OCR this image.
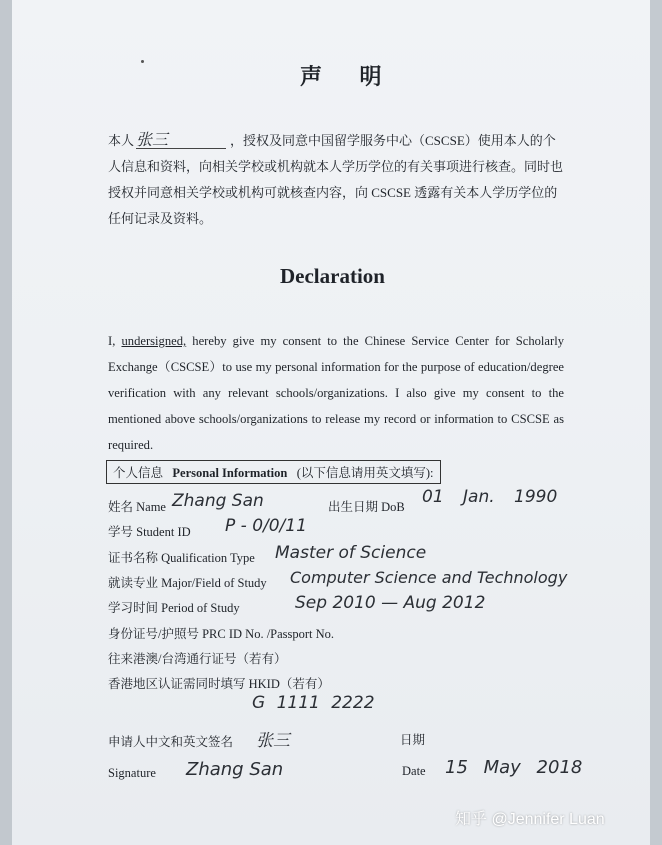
声 明
本人 张三	，授权及同意中国留学服务中心（CSCSE）使用本人的个人信息和资料，向相关学校或机构就本人学历学位的有关事项进行核查。同时也授权并同意相关学校或机构可就核查内容，向 CSCSE 透露有关本人学历学位的任何记录及资料。
Declaration
I, undersigned, hereby give my consent to the Chinese Service Center for Scholarly Exchange（CSCSE）to use my personal information for the purpose of education/degree verification with any relevant schools/organizations. I also give my consent to the mentioned above schools/organizations to release my record or information to CSCSE as required.
个人信息 Personal Information (以下信息请用英文填写):
姓名 Name Zhang San	出生日期 DoB 01 Jan. 1990
学号 Student ID P - 0/0/11
证书名称 Qualification Type Master of Science
就读专业 Major/Field of Study Computer Science and Technology
学习时间 Period of Study	Sep 2010 — Aug 2012
身份证号/护照号 PRC ID No. /Passport No.
往来港澳/台湾通行证号（若有）
香港地区认证需同时填写 HKID（若有）
G 1111 2222
申请人中文和英文签名 张三	日期
Signature Zhang San	Date 15 May 2018
知乎 @Jennifer Luan
